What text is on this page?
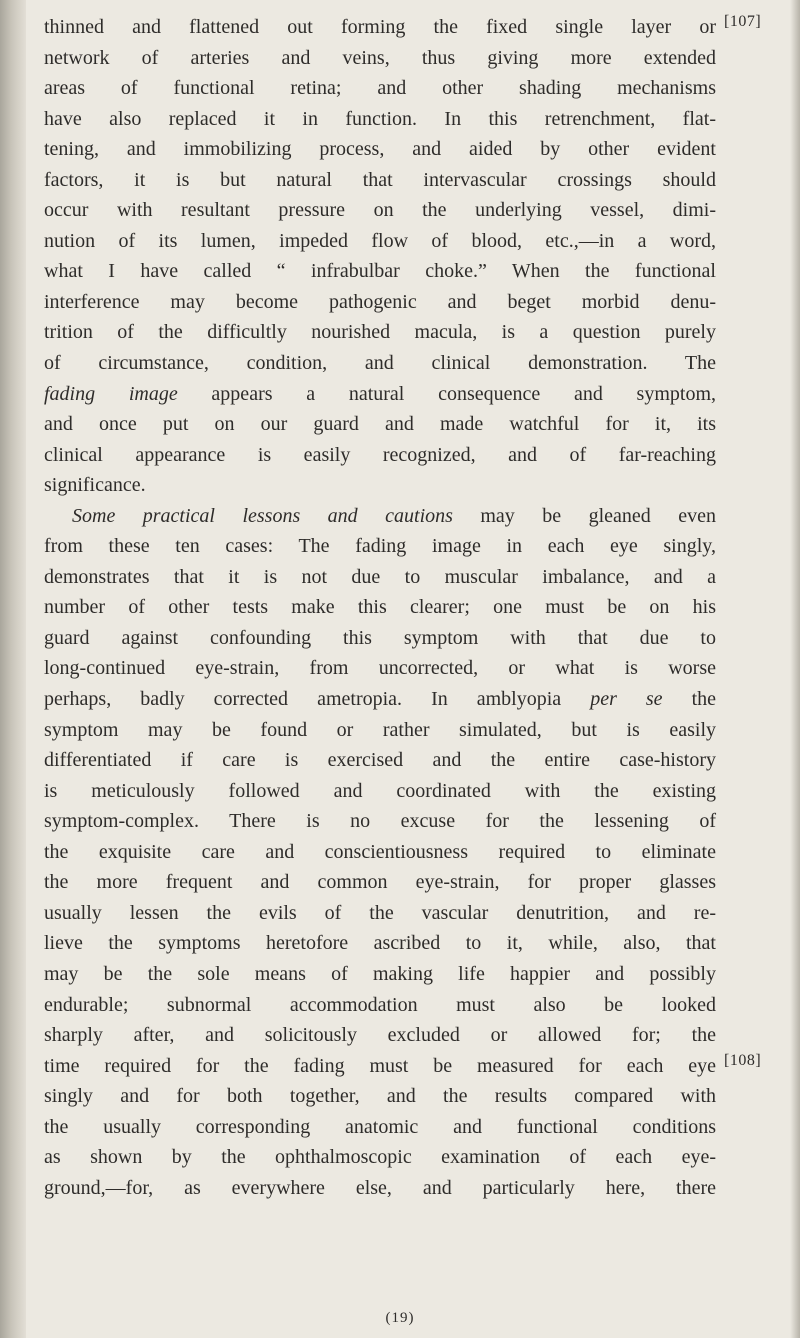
thinned and flattened out forming the fixed single layer or
network of arteries and veins, thus giving more extended
areas of functional retina; and other shading mechanisms
have also replaced it in function. In this retrenchment, flat-
tening, and immobilizing process, and aided by other evident
factors, it is but natural that intervascular crossings should
occur with resultant pressure on the underlying vessel, dimi-
nution of its lumen, impeded flow of blood, etc.,—in a word,
what I have called “ infrabulbar choke.” When the functional
interference may become pathogenic and beget morbid denu-
trition of the difficultly nourished macula, is a question purely
of circumstance, condition, and clinical demonstration. The
fading image appears a natural consequence and symptom,
and once put on our guard and made watchful for it, its
clinical appearance is easily recognized, and of far-reaching
significance.
Some practical lessons and cautions may be gleaned even
from these ten cases: The fading image in each eye singly,
demonstrates that it is not due to muscular imbalance, and a
number of other tests make this clearer; one must be on his
guard against confounding this symptom with that due to
long-continued eye-strain, from uncorrected, or what is worse
perhaps, badly corrected ametropia. In amblyopia per se the
symptom may be found or rather simulated, but is easily
differentiated if care is exercised and the entire case-history
is meticulously followed and coordinated with the existing
symptom-complex. There is no excuse for the lessening of
the exquisite care and conscientiousness required to eliminate
the more frequent and common eye-strain, for proper glasses
usually lessen the evils of the vascular denutrition, and re-
lieve the symptoms heretofore ascribed to it, while, also, that
may be the sole means of making life happier and possibly
endurable; subnormal accommodation must also be looked
sharply after, and solicitously excluded or allowed for; the
time required for the fading must be measured for each eye
singly and for both together, and the results compared with
the usually corresponding anatomic and functional conditions
as shown by the ophthalmoscopic examination of each eye-
ground,—for, as everywhere else, and particularly here, there
(19)
[107]
[108]
